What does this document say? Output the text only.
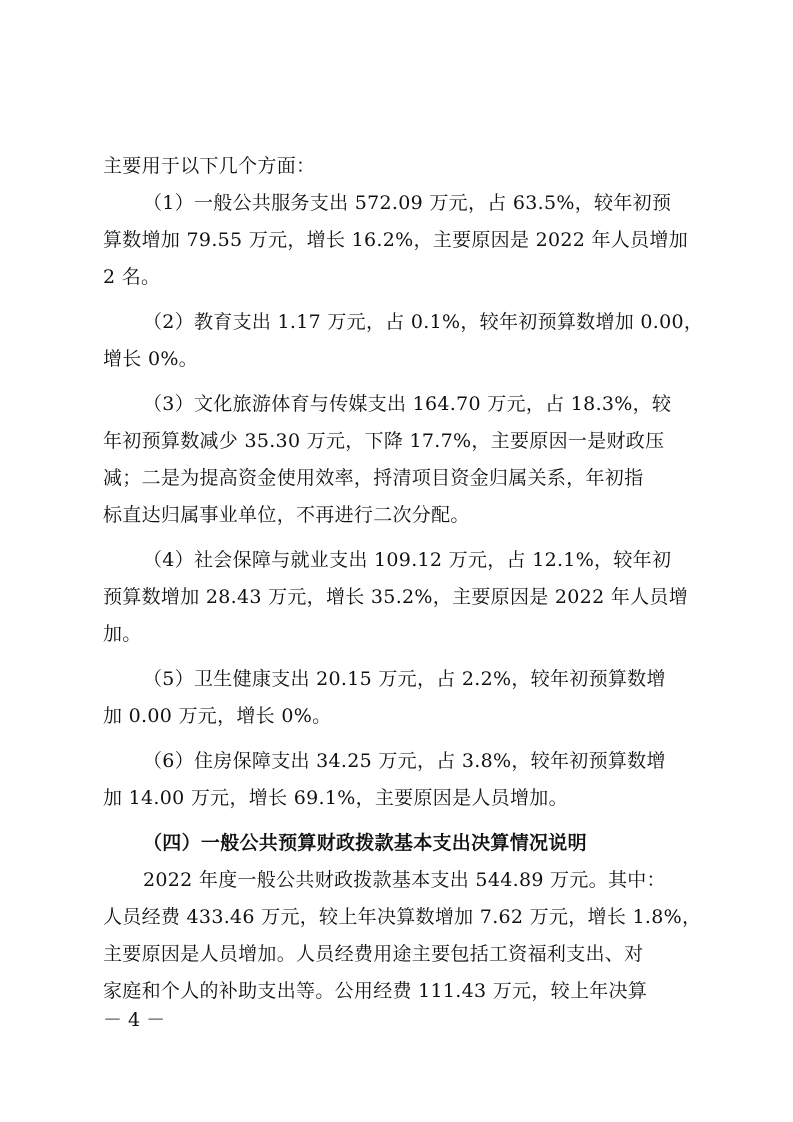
主要用于以下几个方面：
（1）一般公共服务支出 572.09 万元，占 63.5%，较年初预
算数增加 79.55 万元，增长 16.2%，主要原因是 2022 年人员增加
2 名。
（2）教育支出 1.17 万元，占 0.1%，较年初预算数增加 0.00，
增长 0%。
（3）文化旅游体育与传媒支出 164.70 万元，占 18.3%，较
年初预算数减少 35.30 万元，下降 17.7%，主要原因一是财政压
减；二是为提高资金使用效率，捋清项目资金归属关系，年初指
标直达归属事业单位，不再进行二次分配。
（4）社会保障与就业支出 109.12 万元，占 12.1%，较年初
预算数增加 28.43 万元，增长 35.2%，主要原因是 2022 年人员增
加。
（5）卫生健康支出 20.15 万元，占 2.2%，较年初预算数增
加 0.00 万元，增长 0%。
（6）住房保障支出 34.25 万元，占 3.8%，较年初预算数增
加 14.00 万元，增长 69.1%，主要原因是人员增加。
（四）一般公共预算财政拨款基本支出决算情况说明
2022 年度一般公共财政拨款基本支出 544.89 万元。其中：
人员经费 433.46 万元，较上年决算数增加 7.62 万元，增长 1.8%，
主要原因是人员增加。人员经费用途主要包括工资福利支出、对
家庭和个人的补助支出等。公用经费 111.43 万元，较上年决算
－ 4 －
